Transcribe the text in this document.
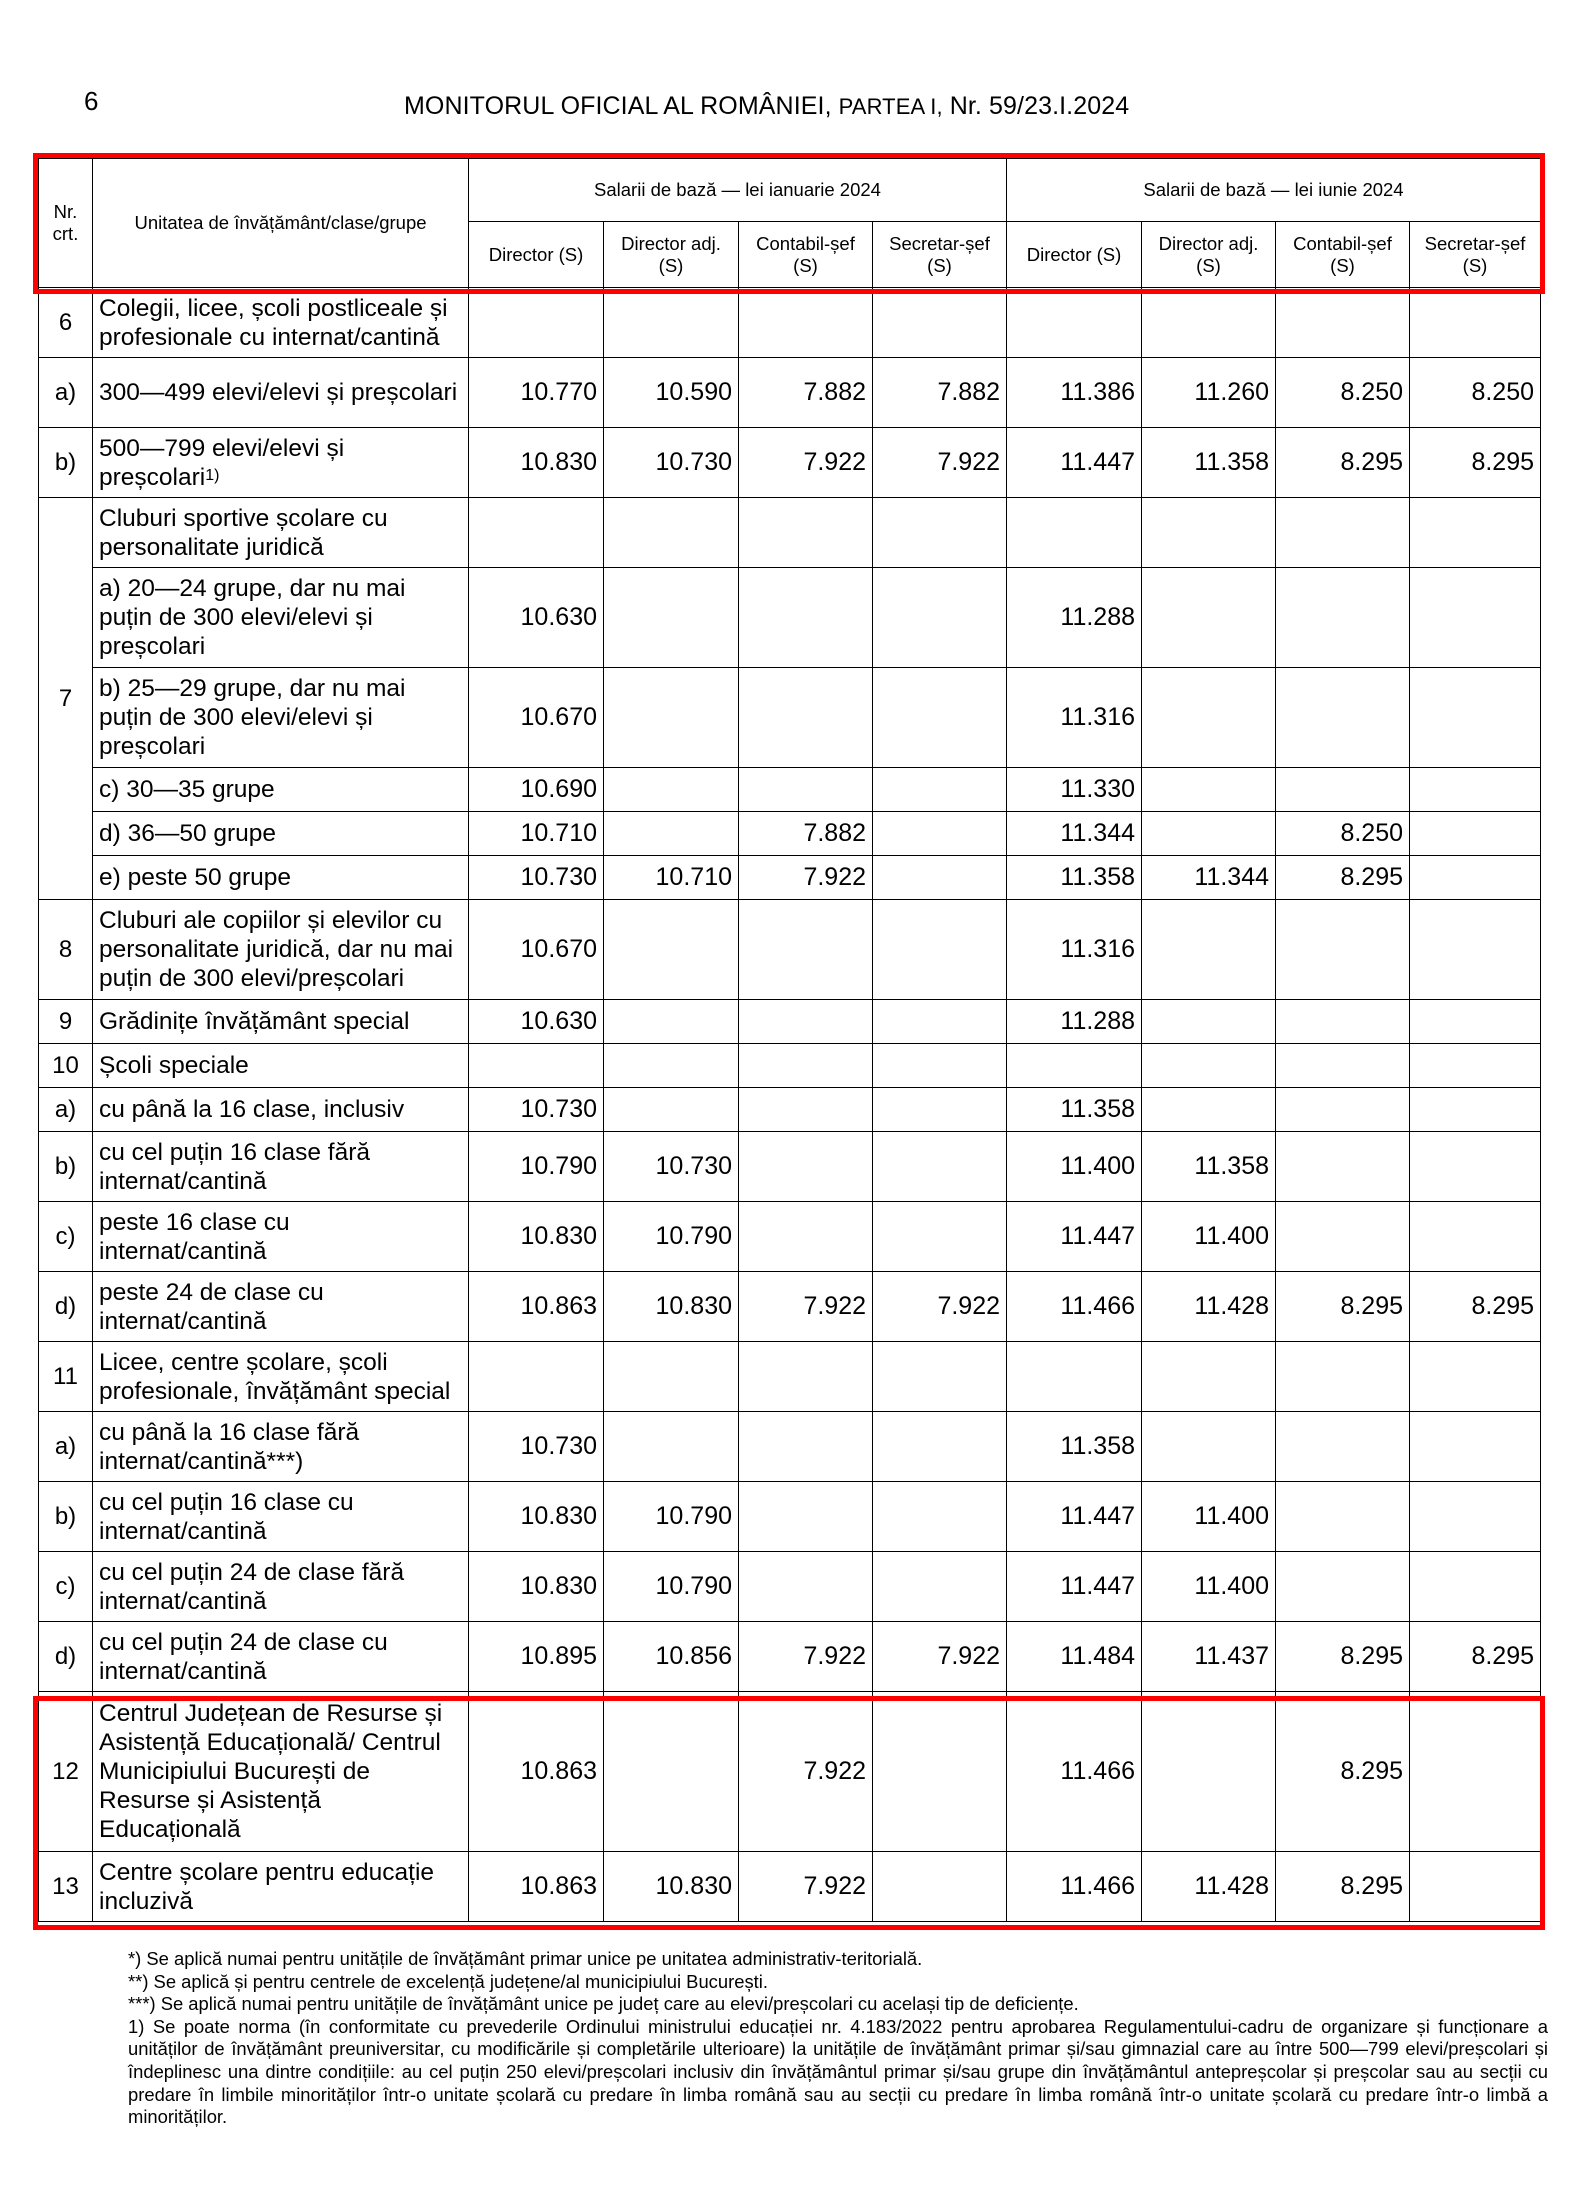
6	MONITORUL OFICIAL AL ROMÂNIEI, PARTEA I, Nr. 59/23.I.2024
Nr. crt.	Unitatea de învățământ/clase/grupe	Salarii de bază — lei ianuarie 2024				Salarii de bază — lei iunie 2024			
		Director (S)	Director adj. (S)	Contabil-șef (S)	Secretar-șef (S)	Director (S)	Director adj. (S)	Contabil-șef (S)	Secretar-șef (S)
6	Colegii, licee, școli postliceale și profesionale cu internat/cantină								
a)	300—499 elevi/elevi și preșcolari	10.770	10.590	7.882	7.882	11.386	11.260	8.250	8.250
b)	500—799 elevi/elevi și preșcolari$^{1)}$	10.830	10.730	7.922	7.922	11.447	11.358	8.295	8.295
7	Cluburi sportive școlare cu personalitate juridică								
	a) 20—24 grupe, dar nu mai puțin de 300 elevi/elevi și preșcolari	10.630				11.288			
	b) 25—29 grupe, dar nu mai puțin de 300 elevi/elevi și preșcolari	10.670				11.316			
	c) 30—35 grupe	10.690				11.330			
	d) 36—50 grupe	10.710		7.882		11.344		8.250	
	e) peste 50 grupe	10.730	10.710	7.922		11.358	11.344	8.295	
8	Cluburi ale copiilor și elevilor cu personalitate juridică, dar nu mai puțin de 300 elevi/preșcolari	10.670				11.316			
9	Grădinițe învățământ special	10.630				11.288			
10	Școli speciale								
a)	cu până la 16 clase, inclusiv	10.730				11.358			
b)	cu cel puțin 16 clase fără internat/cantină	10.790	10.730			11.400	11.358		
c)	peste 16 clase cu internat/cantină	10.830	10.790			11.447	11.400		
d)	peste 24 de clase cu internat/cantină	10.863	10.830	7.922	7.922	11.466	11.428	8.295	8.295
11	Licee, centre școlare, școli profesionale, învățământ special								
a)	cu până la 16 clase fără internat/cantină***)	10.730				11.358			
b)	cu cel puțin 16 clase cu internat/cantină	10.830	10.790			11.447	11.400		
c)	cu cel puțin 24 de clase fără internat/cantină	10.830	10.790			11.447	11.400		
d)	cu cel puțin 24 de clase cu internat/cantină	10.895	10.856	7.922	7.922	11.484	11.437	8.295	8.295
12	Centrul Județean de Resurse și Asistență Educațională/ Centrul Municipiului București de Resurse și Asistență Educațională	10.863		7.922		11.466		8.295	
13	Centre școlare pentru educație incluzivă	10.863	10.830	7.922		11.466	11.428	8.295	

*) Se aplică numai pentru unitățile de învățământ primar unice pe unitatea administrativ-teritorială.

**) Se aplică și pentru centrele de excelență județene/al municipiului București.

***) Se aplică numai pentru unitățile de învățământ unice pe județ care au elevi/preșcolari cu același tip de deficiențe.

1) Se poate norma (în conformitate cu prevederile Ordinului ministrului educației nr. 4.183/2022 pentru aprobarea Regulamentului-cadru de organizare și funcționare a unităților de învățământ preuniversitar, cu modificările și completările ulterioare) la unitățile de învățământ primar și/sau gimnazial care au între 500—799 elevi/preșcolari și îndeplinesc una dintre condițiile: au cel puțin 250 elevi/preșcolari inclusiv din învățământul primar și/sau grupe din învățământul antepreșcolar și preșcolar sau au secții cu predare în limbile minorităților într-o unitate școlară cu predare în limba română sau au secții cu predare în limba română într-o unitate școlară cu predare într-o limbă a minorităților.
